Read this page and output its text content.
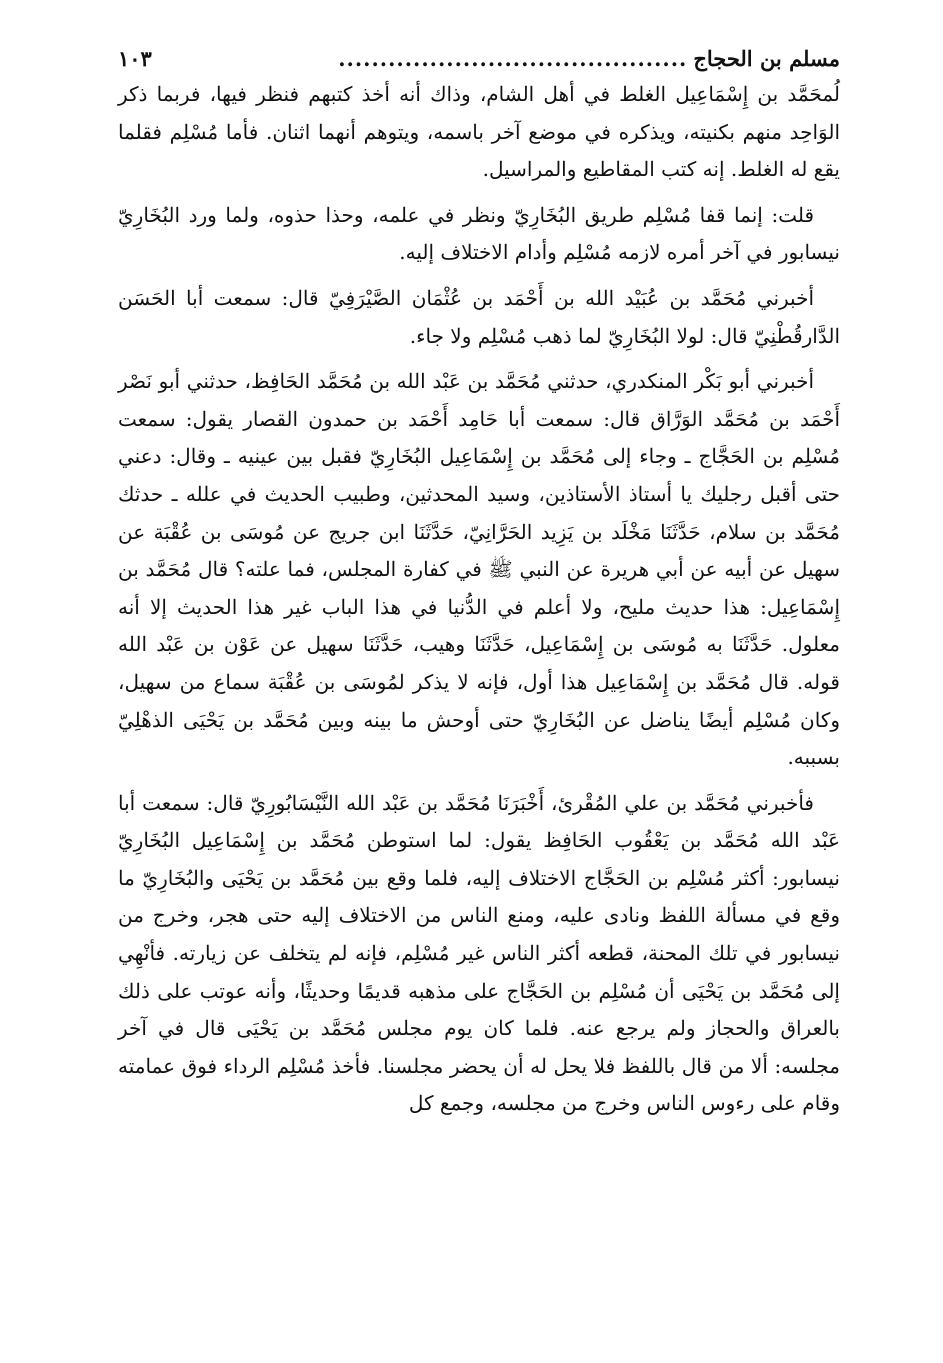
مسلم بن الحجاج
..........................................
١٠٣

لُمحَمَّد بن إِسْمَاعِيل الغلط في أهل الشام، وذاك أنه أخذ كتبهم فنظر فيها، فربما ذكر الوَاحِد منهم بكنيته، ويذكره في موضع آخر باسمه، ويتوهم أنهما اثنان. فأما مُسْلِم فقلما يقع له الغلط. إنه كتب المقاطيع والمراسيل.

قلت: إنما قفا مُسْلِم طريق البُخَارِيّ ونظر في علمه، وحذا حذوه، ولما ورد البُخَارِيّ نيسابور في آخر أمره لازمه مُسْلِم وأدام الاختلاف إليه.

أخبرني مُحَمَّد بن عُبَيْد الله بن أَحْمَد بن عُثْمَان الصَّيْرَفِيّ قال: سمعت أبا الحَسَن الدَّارقُطْنِيّ قال: لولا البُخَارِيّ لما ذهب مُسْلِم ولا جاء.

أخبرني أبو بَكْر المنكدري، حدثني مُحَمَّد بن عَبْد الله بن مُحَمَّد الحَافِظ، حدثني أبو نَصْر أَحْمَد بن مُحَمَّد الوَرَّاق قال: سمعت أبا حَامِد أَحْمَد بن حمدون القصار يقول: سمعت مُسْلِم بن الحَجَّاج ـ وجاء إلى مُحَمَّد بن إِسْمَاعِيل البُخَارِيّ فقبل بين عينيه ـ وقال: دعني حتى أقبل رجليك يا أستاذ الأستاذين، وسيد المحدثين، وطبيب الحديث في علله ـ حدثك مُحَمَّد بن سلام، حَدَّثَنَا مَخْلَد بن يَزِيد الحَرَّانِيّ، حَدَّثَنَا ابن جريج عن مُوسَى بن عُقْبَة عن سهيل عن أبيه عن أبي هريرة عن النبي ﷺ في كفارة المجلس، فما علته؟ قال مُحَمَّد بن إِسْمَاعِيل: هذا حديث مليح، ولا أعلم في الدُّنيا في هذا الباب غير هذا الحديث إلا أنه معلول. حَدَّثَنَا به مُوسَى بن إِسْمَاعِيل، حَدَّثَنَا وهيب، حَدَّثَنَا سهيل عن عَوْن بن عَبْد الله قوله. قال مُحَمَّد بن إِسْمَاعِيل هذا أول، فإنه لا يذكر لمُوسَى بن عُقْبَة سماع من سهيل، وكان مُسْلِم أيضًا يناضل عن البُخَارِيّ حتى أوحش ما بينه وبين مُحَمَّد بن يَحْيَى الذهْلِيّ بسببه.

فأخبرني مُحَمَّد بن علي المُقْرئ، أَخْبَرَنَا مُحَمَّد بن عَبْد الله النَّيْسَابُورِيّ قال: سمعت أبا عَبْد الله مُحَمَّد بن يَعْقُوب الحَافِظ يقول: لما استوطن مُحَمَّد بن إِسْمَاعِيل البُخَارِيّ نيسابور: أكثر مُسْلِم بن الحَجَّاج الاختلاف إليه، فلما وقع بين مُحَمَّد بن يَحْيَى والبُخَارِيّ ما وقع في مسألة اللفظ ونادى عليه، ومنع الناس من الاختلاف إليه حتى هجر، وخرج من نيسابور في تلك المحنة، قطعه أكثر الناس غير مُسْلِم، فإنه لم يتخلف عن زيارته. فأنْهِي إلى مُحَمَّد بن يَحْيَى أن مُسْلِم بن الحَجَّاج على مذهبه قديمًا وحديثًا، وأنه عوتب على ذلك بالعراق والحجاز ولم يرجع عنه. فلما كان يوم مجلس مُحَمَّد بن يَحْيَى قال في آخر مجلسه: ألا من قال باللفظ فلا يحل له أن يحضر مجلسنا. فأخذ مُسْلِم الرداء فوق عمامته وقام على رءوس الناس وخرج من مجلسه، وجمع كل
